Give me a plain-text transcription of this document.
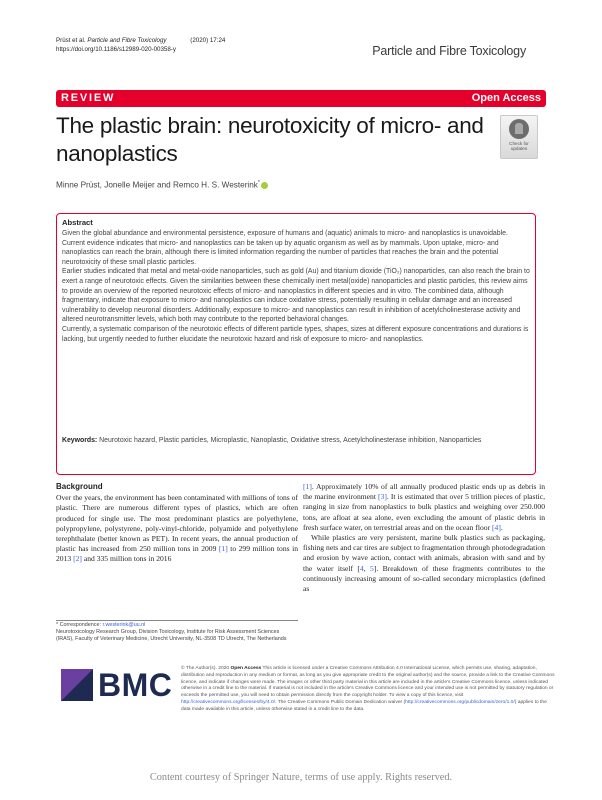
Prüst et al. Particle and Fibre Toxicology	(2020) 17:24
https://doi.org/10.1186/s12989-020-00358-y	Particle and Fibre Toxicology
REVIEW	Open Access
The plastic brain: neurotoxicity of micro- and nanoplastics	Check for
updates
Minne Prüst, Jonelle Meijer and Remco H. S. Westerink*
Abstract

Given the global abundance and environmental persistence, exposure of humans and (aquatic) animals to micro- and nanoplastics is unavoidable. Current evidence indicates that micro- and nanoplastics can be taken up by aquatic organism as well as by mammals. Upon uptake, micro- and nanoplastics can reach the brain, although there is limited information regarding the number of particles that reaches the brain and the potential neurotoxicity of these small plastic particles.

Earlier studies indicated that metal and metal-oxide nanoparticles, such as gold (Au) and titanium dioxide (TiO₂) nanoparticles, can also reach the brain to exert a range of neurotoxic effects. Given the similarities between these chemically inert metal(oxide) nanoparticles and plastic particles, this review aims to provide an overview of the reported neurotoxic effects of micro- and nanoplastics in different species and in vitro. The combined data, although fragmentary, indicate that exposure to micro- and nanoplastics can induce oxidative stress, potentially resulting in cellular damage and an increased vulnerability to develop neuronal disorders. Additionally, exposure to micro- and nanoplastics can result in inhibition of acetylcholinesterase activity and altered neurotransmitter levels, which both may contribute to the reported behavioral changes.

Currently, a systematic comparison of the neurotoxic effects of different particle types, shapes, sizes at different exposure concentrations and durations is lacking, but urgently needed to further elucidate the neurotoxic hazard and risk of exposure to micro- and nanoplastics.

Keywords: Neurotoxic hazard, Plastic particles, Microplastic, Nanoplastic, Oxidative stress, Acetylcholinesterase inhibition, Nanoparticles
Background

Over the years, the environment has been contaminated with millions of tons of plastic. There are numerous different types of plastics, which are often produced for single use. The most predominant plastics are polyethylene, polypropylene, polystyrene, poly-vinyl-chloride, polyamide and polyethylene terephthalate (better known as PET). In recent years, the annual production of plastic has increased from 250 million tons in 2009 [1] to 299 million tons in 2013 [2] and 335 million tons in 2016

[1]. Approximately 10% of all annually produced plastic ends up as debris in the marine environment [3]. It is estimated that over 5 trillion pieces of plastic, ranging in size from nanoplastics to bulk plastics and weighing over 250.000 tons, are afloat at sea alone, even excluding the amount of plastic debris in fresh surface water, on terrestrial areas and on the ocean floor [4].

While plastics are very persistent, marine bulk plastics such as packaging, fishing nets and car tires are subject to fragmentation through photodegradation and erosion by wave action, contact with animals, abrasion with sand and by the water itself [4, 5]. Breakdown of these fragments contributes to the continuously increasing amount of so-called secondary microplastics (defined as

* Correspondence: r.westerink@uu.nl
Neurotoxicology Research Group, Division Toxicology, Institute for Risk Assessment Sciences (IRAS), Faculty of Veterinary Medicine, Utrecht University, NL-3508 TD Utrecht, The Netherlands
BMC © The Author(s). 2020 Open Access This article is licensed under a Creative Commons Attribution 4.0 International License, which permits use, sharing, adaptation, distribution and reproduction in any medium or format, as long as you give appropriate credit to the original author(s) and the source, provide a link to the Creative Commons licence, and indicate if changes were made. The images or other third party material in this article are included in the article's Creative Commons licence, unless indicated otherwise in a credit line to the material. If material is not included in the article's Creative Commons licence and your intended use is not permitted by statutory regulation or exceeds the permitted use, you will need to obtain permission directly from the copyright holder. To view a copy of this licence, visit http://creativecommons.org/licenses/by/4.0/. The Creative Commons Public Domain Dedication waiver (http://creativecommons.org/publicdomain/zero/1.0/) applies to the data made available in this article, unless otherwise stated in a credit line to the data.
Content courtesy of Springer Nature, terms of use apply. Rights reserved.
